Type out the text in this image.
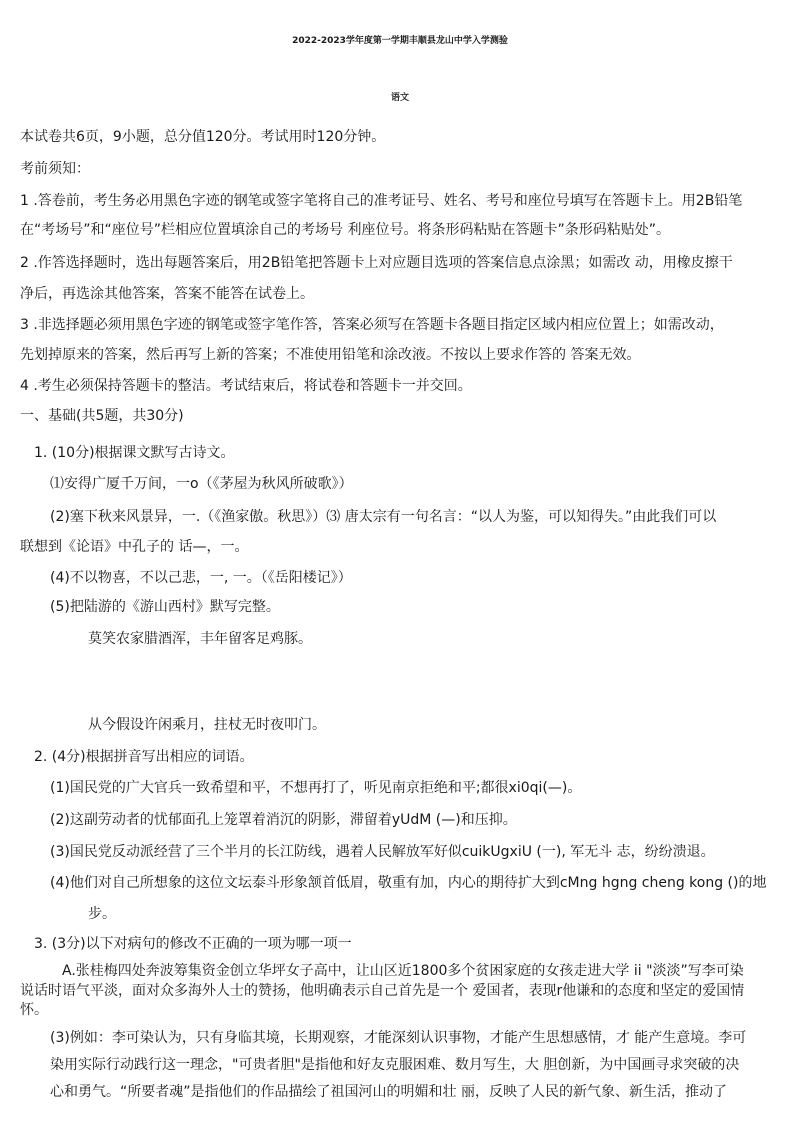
2022-2023学年度第一学期丰顺县龙山中学入学测验
语文
本试卷共6页，9小题，总分值120分。考试用时120分钟。
考前须知：
1 .答卷前，考生务必用黑色字迹的钢笔或签字笔将自己的准考证号、姓名、考号和座位号填写在答题卡上。用2B铅笔
在“考场号”和“座位号”栏相应位置填涂自己的考场号 利座位号。将条形码粘贴在答题卡”条形码粘贴处”。
2 .作答选择题时，选出每题答案后，用2B铅笔把答题卡上对应题目选项的答案信息点涂黑；如需改 动，用橡皮擦干
净后，再选涂其他答案，答案不能答在试卷上。
3 .非选择题必须用黑色字迹的钢笔或签字笔作答，答案必须写在答题卡各题目指定区域内相应位置上；如需改动，
先划掉原来的答案，然后再写上新的答案；不准使用铅笔和涂改液。不按以上要求作答的 答案无效。
4 .考生必须保持答题卡的整洁。考试结束后，将试卷和答题卡一并交回。
一、基础(共5题，共30分)
1. (10分)根据课文默写古诗文。
⑴安得广厦千万间，一o（《茅屋为秋风所破歌》）
(2)塞下秋来风景异，一.（《渔家傲。秋思》）⑶ 唐太宗有一句名言：“以人为鉴，可以知得失。”由此我们可以
联想到《论语》中孔子的 话—，一。
(4)不以物喜，不以己悲，一, 一。（《岳阳楼记》）
(5)把陆游的《游山西村》默写完整。
莫笑农家腊酒浑，丰年留客足鸡豚。
从今假设许闲乘月，拄杖无时夜叩门。
2. (4分)根据拼音写出相应的词语。
(1)国民党的广大官兵一致希望和平，不想再打了，听见南京拒绝和平;都很xi0qi(—)。
(2)这副劳动者的忧郁面孔上笼罩着消沉的阴影，滞留着yUdM (—)和压抑。
(3)国民党反动派经营了三个半月的长江防线，遇着人民解放军好似cuikUgxiU (一), 军无斗 志，纷纷溃退。
(4)他们对自己所想象的这位文坛泰斗形象颔首低眉，敬重有加，内心的期待扩大到cMng hgng cheng kong ()的地
步。
3. (3分)以下对病句的修改不正确的一项为哪一项一
A.张桂梅四处奔波筹集资金创立华坪女子高中，让山区近1800多个贫困家庭的女孩走进大学 ii "淡淡”写李可染
说话时语气平淡，面对众多海外人士的赞扬，他明确表示自己首先是一个 爱国者，表现r他谦和的态度和坚定的爱国情
怀。
(3)例如：李可染认为，只有身临其境，长期观察，才能深刻认识事物，才能产生思想感情，才 能产生意境。李可
染用实际行动践行这一理念，"可贵者胆"是指他和好友克服困难、数月写生，大 胆创新，为中国画寻求突破的决
心和勇气。“所要者魂”是指他们的作品描绘了祖国河山的明媚和壮 丽，反映了人民的新气象、新生活，推动了
